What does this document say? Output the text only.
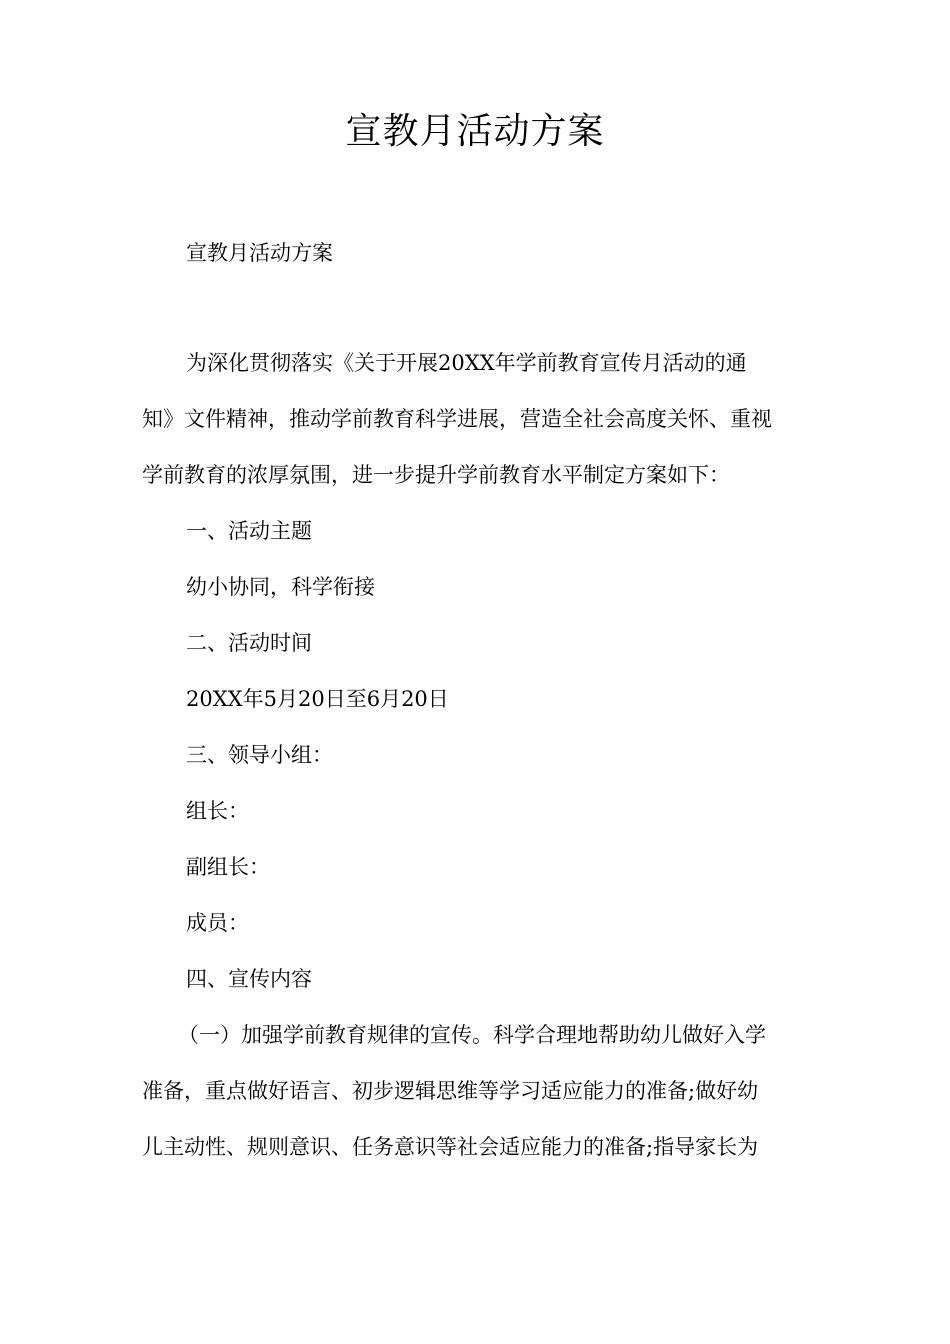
宣教月活动方案
宣教月活动方案
为深化贯彻落实《关于开展20XX年学前教育宣传月活动的通
知》文件精神，推动学前教育科学进展，营造全社会高度关怀、重视
学前教育的浓厚氛围，进一步提升学前教育水平制定方案如下：
一、活动主题
幼小协同，科学衔接
二、活动时间
20XX年5月20日至6月20日
三、领导小组：
组长：
副组长：
成员：
四、宣传内容
（一）加强学前教育规律的宣传。科学合理地帮助幼儿做好入学
准备，重点做好语言、初步逻辑思维等学习适应能力的准备;做好幼
儿主动性、规则意识、任务意识等社会适应能力的准备;指导家长为
